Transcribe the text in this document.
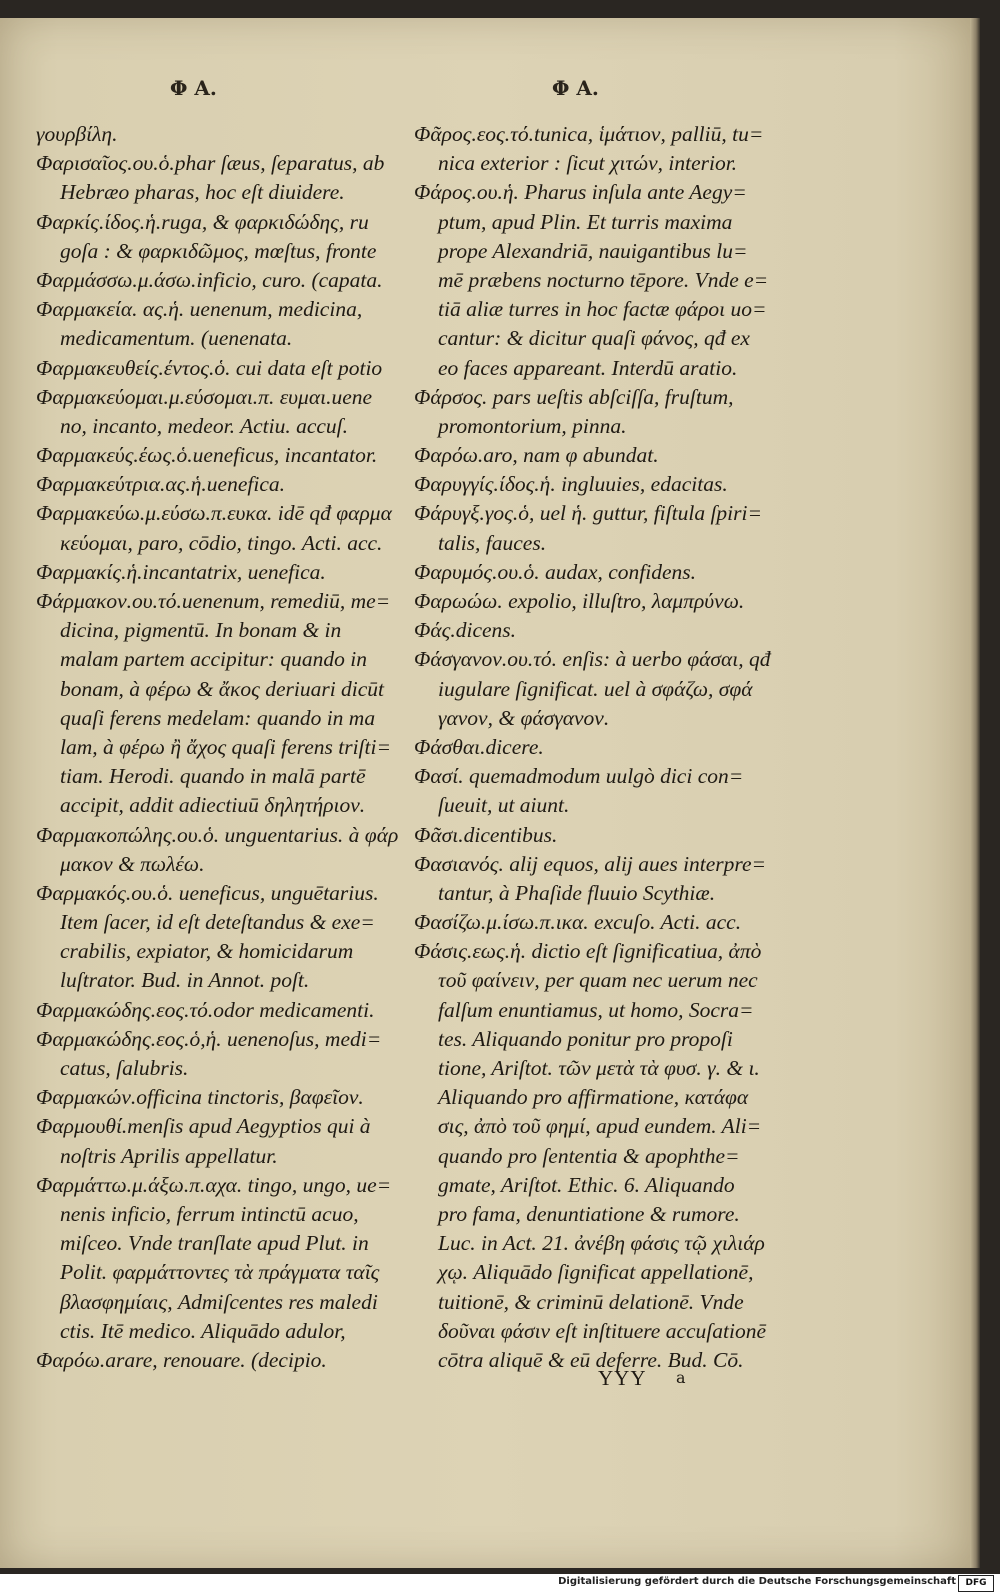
Φ A.	Φ A.
γουρβίλη.
Φαρισαῖος.ου.ὁ.phar ſæus, ſeparatus, ab
Hebræo pharas, hoc eſt diuidere.
Φαρκίς.ίδος.ἡ.ruga, & φαρκιδώδης, ru
goſa : & φαρκιδῶμος, mœſtus, fronte
Φαρμάσσω.μ.άσω.inficio, curo. (capata.
Φαρμακεία. ας.ἡ. uenenum, medicina,
medicamentum. (uenenata.
Φαρμακευθείς.έντος.ὁ. cui data eſt potio
Φαρμακεύομαι.μ.εύσομαι.π. ευμαι.uene
no, incanto, medeor. Actiu. accuſ.
Φαρμακεύς.έως.ὁ.ueneficus, incantator.
Φαρμακεύτρια.ας.ἡ.uenefica.
Φαρμακεύω.μ.εύσω.π.ευκα. idē qđ φαρμα
κεύομαι, paro, cōdio, tingo. Acti. acc.
Φαρμακίς.ἡ.incantatrix, uenefica.
Φάρμακον.ου.τό.uenenum, remediū, me=
dicina, pigmentū. In bonam & in
malam partem accipitur: quando in
bonam, à φέρω & ἄκος deriuari dicūt
quaſi ferens medelam: quando in ma
lam, à φέρω ἢ ἄχος quaſi ferens triſti=
tiam. Herodi. quando in malā partē
accipit, addit adiectiuū δηλητήριον.
Φαρμακοπώλης.ου.ὁ. unguentarius. à φάρ
μακον & πωλέω.
Φαρμακός.ου.ὁ. ueneficus, unguētarius.
Item ſacer, id eſt deteſtandus & exe=
crabilis, expiator, & homicidarum
luſtrator. Bud. in Annot. poſt.
Φαρμακώδης.εος.τό.odor medicamenti.
Φαρμακώδης.εος.ὁ,ἡ. uenenoſus, medi=
catus, ſalubris.
Φαρμακών.officina tinctoris, βαφεῖον.
Φαρμουθί.menſis apud Aegyptios qui à
noſtris Aprilis appellatur.
Φαρμάττω.μ.άξω.π.αχα. tingo, ungo, ue=
nenis inficio, ferrum intinctū acuo,
miſceo. Vnde tranſlate apud Plut. in
Polit. φαρμάττοντες τὰ πράγματα ταῖς
βλασφημίαις, Admiſcentes res maledi
ctis. Itē medico. Aliquādo adulor,
Φαρόω.arare, renouare. (decipio.
Φᾶρος.εος.τό.tunica, ἱμάτιον, palliū, tu=
nica exterior : ſicut χιτών, interior.
Φάρος.ου.ἡ. Pharus inſula ante Aegy=
ptum, apud Plin. Et turris maxima
prope Alexandriā, nauigantibus lu=
mē præbens nocturno tēpore. Vnde e=
tiā aliæ turres in hoc factæ φάροι uo=
cantur: & dicitur quaſi φάνος, qđ ex
eo faces appareant. Interdū aratio.
Φάρσος. pars ueſtis abſciſſa, fruſtum,
promontorium, pinna.
Φαρόω.aro, nam φ abundat.
Φαρυγγίς.ίδος.ἡ. ingluuies, edacitas.
Φάρυγξ.γος.ὁ, uel ἡ. guttur, fiſtula ſpiri=
talis, fauces.
Φαρυμός.ου.ὁ. audax, confidens.
Φαρωώω. expolio, illuſtro, λαμπρύνω.
Φάς.dicens.
Φάσγανον.ου.τό. enſis: à uerbo φάσαι, qđ
iugulare ſignificat. uel à σφάζω, σφά
γανον, & φάσγανον.
Φάσθαι.dicere.
Φασί. quemadmodum uulgò dici con=
ſueuit, ut aiunt.
Φᾶσι.dicentibus.
Φασιανός. alij equos, alij aues interpre=
tantur, à Phaſide fluuio Scythiæ.
Φασίζω.μ.ίσω.π.ικα. excuſo. Acti. acc.
Φάσις.εως.ἡ. dictio eſt ſignificatiua, ἀπὸ
τοῦ φαίνειν, per quam nec uerum nec
falſum enuntiamus, ut homo, Socra=
tes. Aliquando ponitur pro propoſi
tione, Ariſtot. τῶν μετὰ τὰ φυσ. γ. & ι.
Aliquando pro affirmatione, κατάφα
σις, ἀπὸ τοῦ φημί, apud eundem. Ali=
quando pro ſententia & apophthe=
gmate, Ariſtot. Ethic. 6. Aliquando
pro fama, denuntiatione & rumore.
Luc. in Act. 21. ἀνέβη φάσις τῷ χιλιάρ
χῳ. Aliquādo ſignificat appellationē,
tuitionē, & criminū delationē. Vnde
δοῦναι φάσιν eſt inſtituere accuſationē
cōtra aliquē & eū deferre. Bud. Cō.
YYY a
Digitalisierung gefördert durch die Deutsche Forschungsgemeinschaft	DFG
